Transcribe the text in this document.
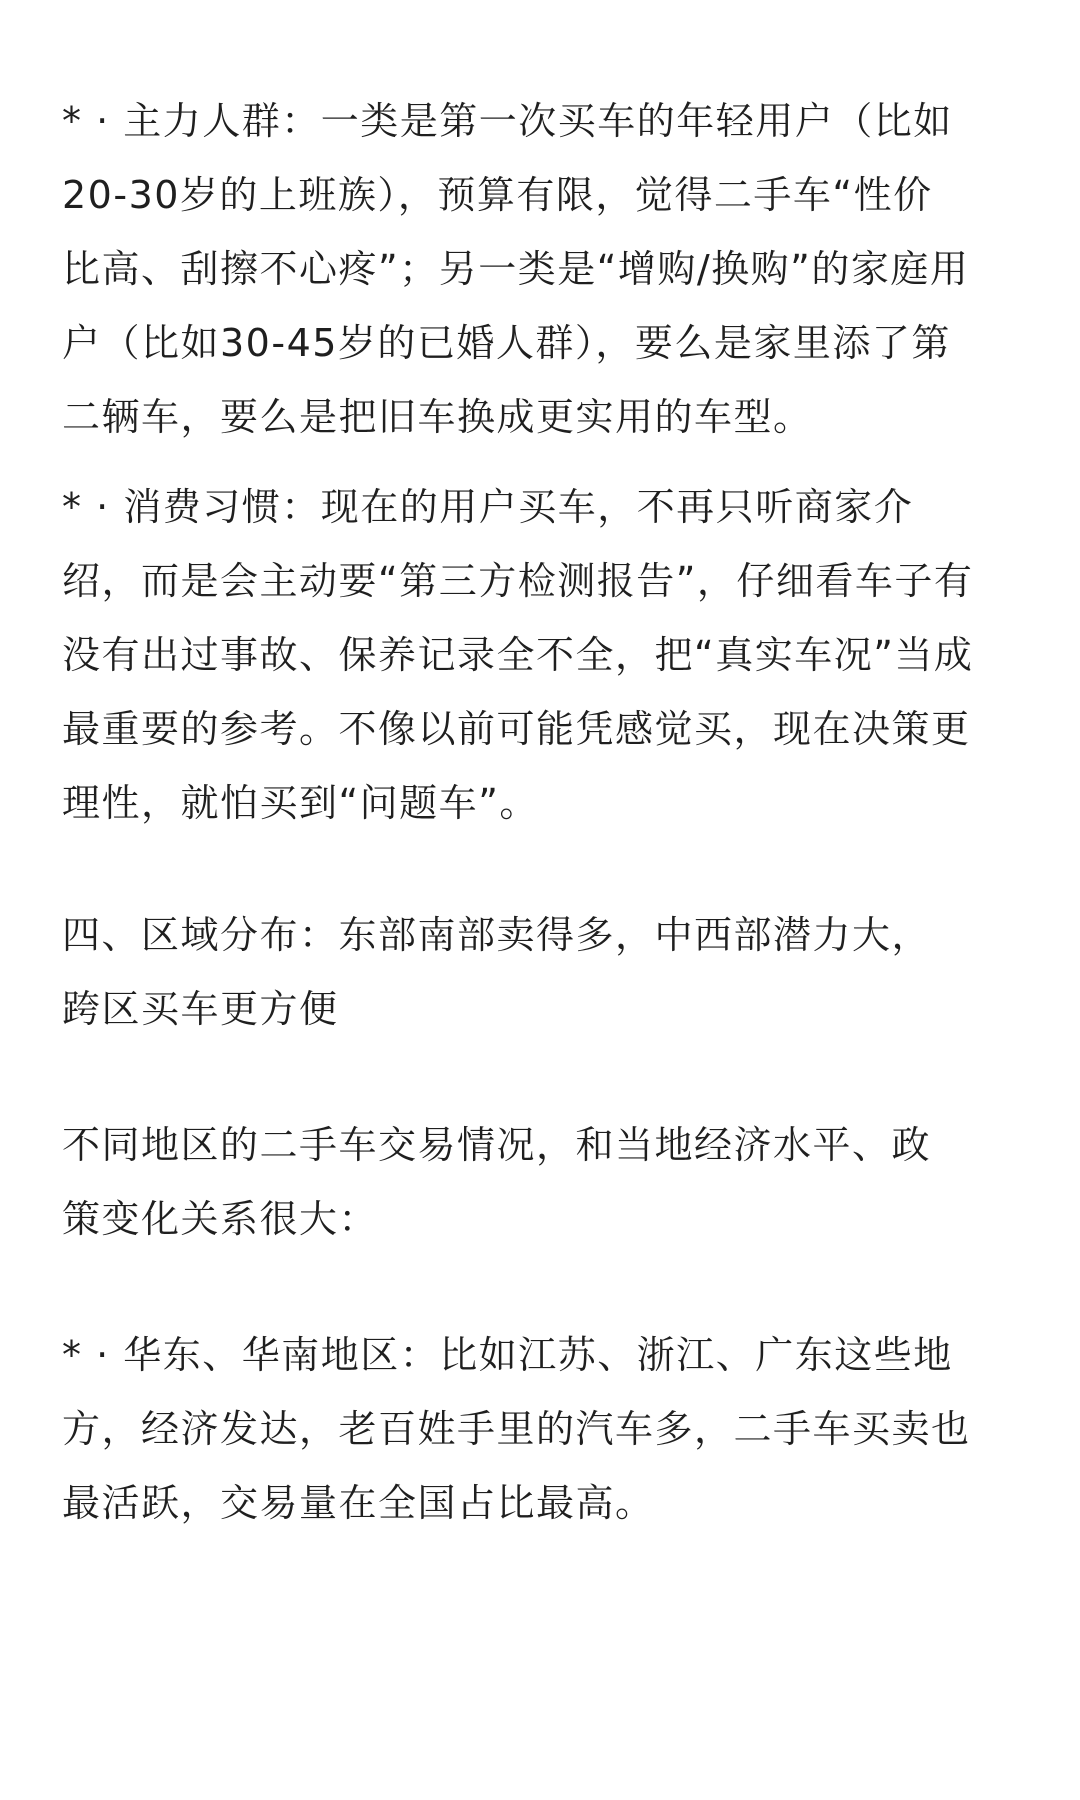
* · 主力人群：一类是第一次买车的年轻用户（比如
20-30岁的上班族），预算有限，觉得二手车“性价
比高、刮擦不心疼”；另一类是“增购/换购”的家庭用
户（比如30-45岁的已婚人群），要么是家里添了第
二辆车，要么是把旧车换成更实用的车型。

* · 消费习惯：现在的用户买车，不再只听商家介
绍，而是会主动要“第三方检测报告”，仔细看车子有
没有出过事故、保养记录全不全，把“真实车况”当成
最重要的参考。不像以前可能凭感觉买，现在决策更
理性，就怕买到“问题车”。

四、区域分布：东部南部卖得多，中西部潜力大，
跨区买车更方便

不同地区的二手车交易情况，和当地经济水平、政
策变化关系很大：

* · 华东、华南地区：比如江苏、浙江、广东这些地
方，经济发达，老百姓手里的汽车多，二手车买卖也
最活跃，交易量在全国占比最高。
